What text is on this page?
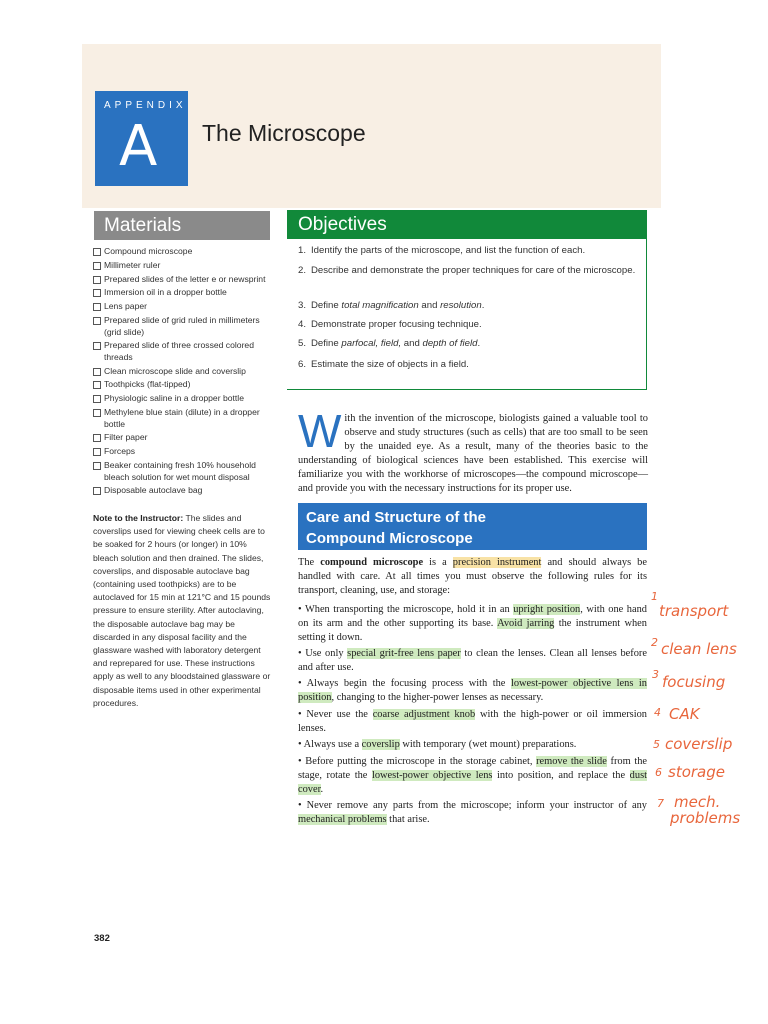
APPENDIX
A The Microscope
Materials
Compound microscope
Millimeter ruler
Prepared slides of the letter e or newsprint
Immersion oil in a dropper bottle
Lens paper
Prepared slide of grid ruled in millimeters (grid slide)
Prepared slide of three crossed colored threads
Clean microscope slide and coverslip
Toothpicks (flat-tipped)
Physiologic saline in a dropper bottle
Methylene blue stain (dilute) in a dropper bottle
Filter paper
Forceps
Beaker containing fresh 10% household bleach solution for wet mount disposal
Disposable autoclave bag

Note to the Instructor: The slides and coverslips used for viewing cheek cells are to be soaked for 2 hours (or longer) in 10% bleach solution and then drained. The slides, coverslips, and disposable autoclave bag (containing used toothpicks) are to be autoclaved for 15 min at 121°C and 15 pounds pressure to ensure sterility. After autoclaving, the disposable autoclave bag may be discarded in any disposal facility and the glassware washed with laboratory detergent and reprepared for use. These instructions apply as well to any bloodstained glassware or disposable items used in other experimental procedures.

Objectives
1. Identify the parts of the microscope, and list the function of each.
2. Describe and demonstrate the proper techniques for care of the microscope.
3. Define total magnification and resolution.
4. Demonstrate proper focusing technique.
5. Define parfocal, field, and depth of field.
6. Estimate the size of objects in a field.

With the invention of the microscope, biologists gained a valuable tool to observe and study structures (such as cells) that are too small to be seen by the unaided eye. As a result, many of the theories basic to the understanding of biological sciences have been established. This exercise will familiarize you with the workhorse of microscopes—the compound microscope—and provide you with the necessary instructions for its proper use.

Care and Structure of the
Compound Microscope

The compound microscope is a precision instrument and should always be handled with care. At all times you must observe the following rules for its transport, cleaning, use, and storage:

• When transporting the microscope, hold it in an upright position, with one hand on its arm and the other supporting its base. Avoid jarring the instrument when setting it down.

• Use only special grit-free lens paper to clean the lenses. Clean all lenses before and after use.

• Always begin the focusing process with the lowest-power objective lens in position, changing to the higher-power lenses as necessary.

• Never use the coarse adjustment knob with the high-power or oil immersion lenses.

• Always use a coverslip with temporary (wet mount) preparations.

• Before putting the microscope in the storage cabinet, remove the slide from the stage, rotate the lowest-power objective lens into position, and replace the dust cover.

• Never remove any parts from the microscope; inform your instructor of any mechanical problems that arise.

1
transport
2 clean lens
3 focusing
4 CAK
5 coverslip
6 storage
7 mech.
problems
382
